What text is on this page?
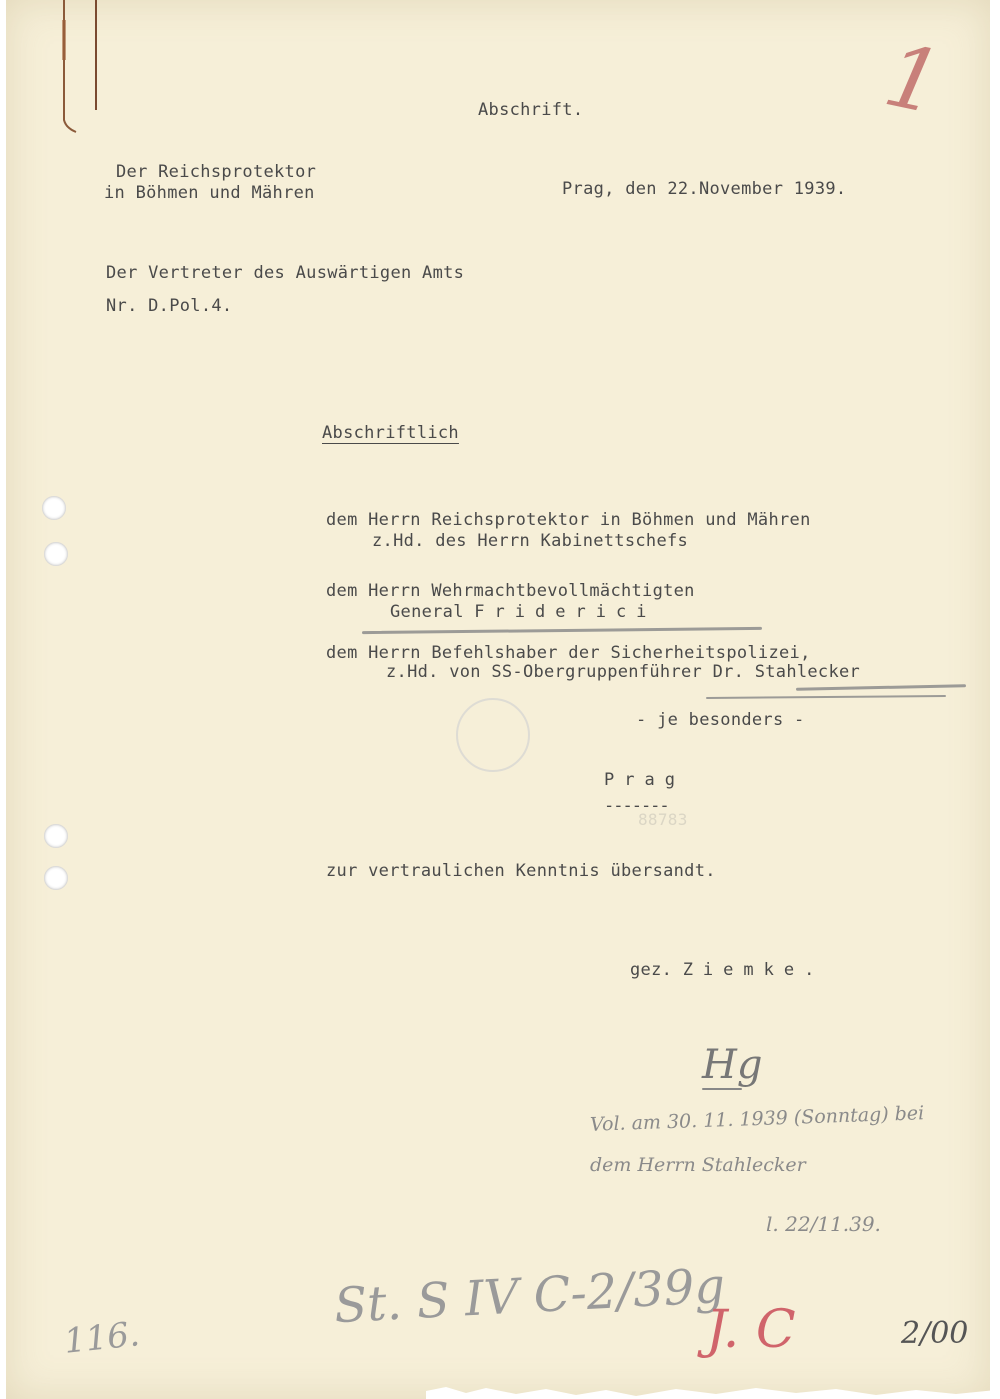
88783
Abschrift.
Der Reichsprotektor
in Böhmen und Mähren	Prag, den 22.November 1939.
Der Vertreter des Auswärtigen Amts
Nr. D.Pol.4.
Abschriftlich
dem Herrn Reichsprotektor in Böhmen und Mähren
z.Hd. des Herrn Kabinettschefs
dem Herrn Wehrmachtbevollmächtigten
General Friderici
dem Herrn Befehlshaber der Sicherheitspolizei,
z.Hd. von SS-Obergruppenführer Dr. Stahlecker
- je besonders -
Prag
-------
zur vertraulichen Kenntnis übersandt.
gez. Ziemke.
1
Hg
Vol. am 30. 11. 1939 (Sonntag) bei
dem Herrn Stahlecker
l. 22/11.39.
St. S IV C-2/39g
J. C	2/00
116.
